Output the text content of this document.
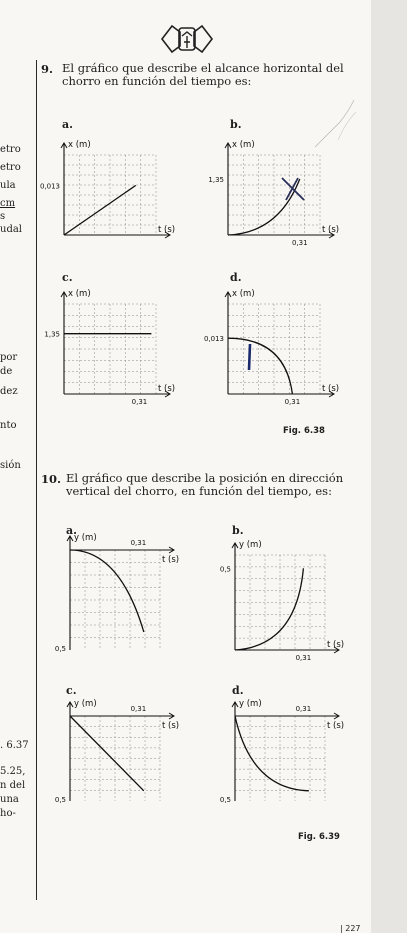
etro
etro
ula
cm
s
udal
por
de
dez
nto
sión
. 6.37
5.25,
n del
una
ho-
9. El gráfico que describe el alcance horizontal del chorro en función del tiempo es:
a.
x (m)
t (s)
0,013
b.
x (m)
t (s)
1,35
0,31
c.
x (m)
t (s)
1,35
0,31
d.
x (m)
t (s)
0,013
0,31
Fig. 6.38
10. El gráfico que describe la posición en dirección vertical del chorro, en función del tiempo, es:
a.
y (m)
t (s)
0,5
0,31
b.
y (m)
t (s)
0,5
0,31
c.
y (m)
t (s)
0,5
0,31
d.
y (m)
t (s)
0,5
0,31
Fig. 6.39
| 227
